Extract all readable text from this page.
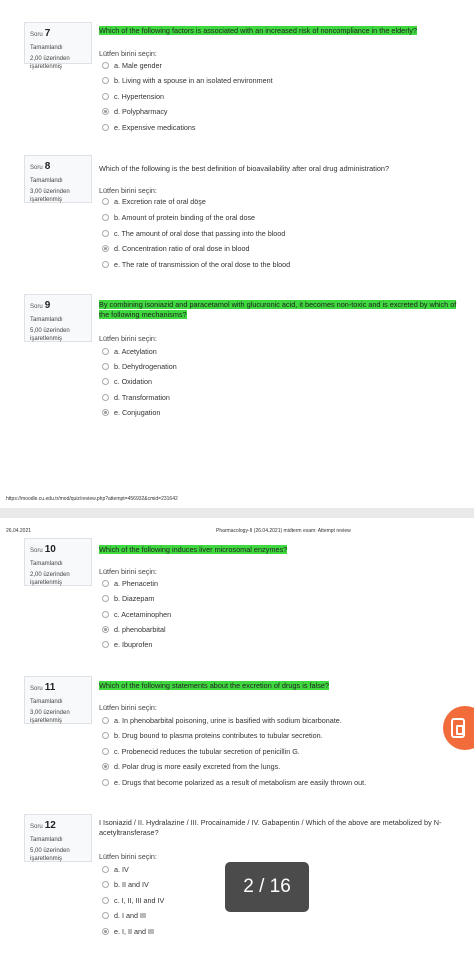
https://moodle.cu.edu.tr/mod/quiz/review.php?attempt=456932&cmid=231642
26.04.2021	Pharmacology-II (26.04.2021) midterm exam: Attempt review
Soru 7
Tamamlandı
2,00 üzerinden işaretlenmiş
Which of the following factors is associated with an increased risk of noncompliance in the elderly?
Lütfen birini seçin:
a. Male gender
b. Living with a spouse in an isolated environment
c. Hypertension
d. Polypharmacy
e. Expensive medications
Soru 8
Tamamlandı
3,00 üzerinden işaretlenmiş
Which of the following is the best definition of bioavailability after oral drug administration?
Lütfen birini seçin:
a. Excretion rate of oral döşe
b. Amount of protein binding of the oral dose
c. The amount of oral dose that passing into the blood
d. Concentration ratio of oral dose in blood
e. The rate of transmission of the oral dose to the blood
Soru 9
Tamamlandı
5,00 üzerinden işaretlenmiş
By combining isoniazid and paracetamol with glucuronic acid, it becomes non-toxic and is excreted by which of the following mechanisms?
Lütfen birini seçin:
a. Acetylation
b. Dehydrogenation
c. Oxidation
d. Transformation
e. Conjugation
Soru 10
Tamamlandı
2,00 üzerinden işaretlenmiş
Which of the following induces liver microsomal enzymes?
Lütfen birini seçin:
a. Phenacetin
b. Diazepam
c. Acetaminophen
d. phenobarbital
e. Ibuprofen
Soru 11
Tamamlandı
3,00 üzerinden işaretlenmiş
Which of the following statements about the excretion of drugs is false?
Lütfen birini seçin:
a. In phenobarbital poisoning, urine is basified with sodium bicarbonate.
b. Drug bound to plasma proteins contributes to tubular secretion.
c. Probenecid reduces the tubular secretion of penicillin G.
d. Polar drug is more easily excreted from the lungs.
e. Drugs that become polarized as a result of metabolism are easily thrown out.
Soru 12
Tamamlandı
5,00 üzerinden işaretlenmiş
I Isoniazid / II. Hydralazine / III. Procainamide / IV. Gabapentin / Which of the above are metabolized by N-acetyltransferase?
Lütfen birini seçin:
a. IV
b. II and IV
c. I, II, III and IV
d. I and III
e. I, II and III
2 / 16
